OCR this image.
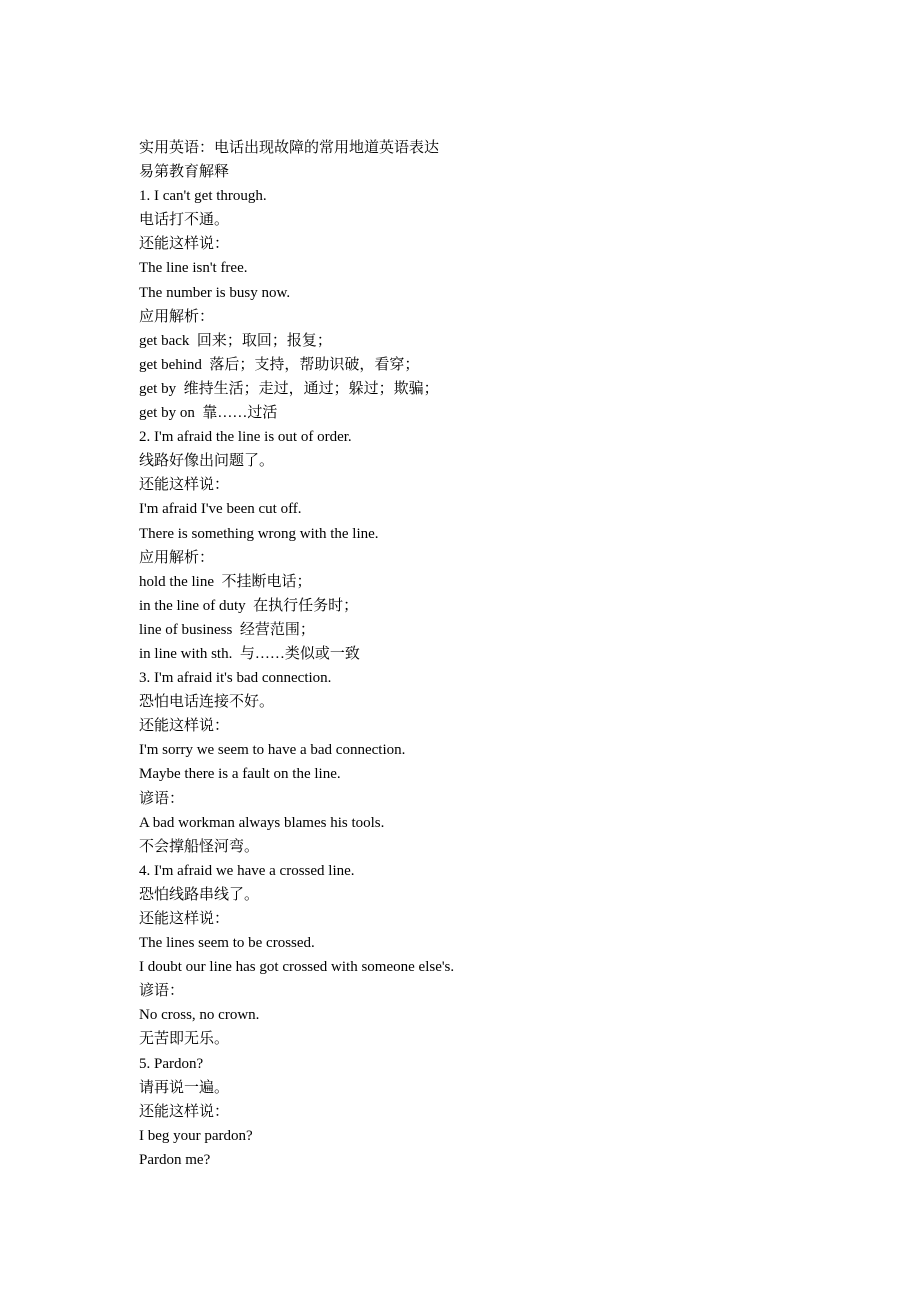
实用英语：电话出现故障的常用地道英语表达
易第教育解释
1. I can't get through.
电话打不通。
还能这样说：
The line isn't free.
The number is busy now.
应用解析：
get back  回来；取回；报复；
get behind  落后；支持，帮助识破，看穿；
get by  维持生活；走过，通过；躲过；欺骗；
get by on  靠……过活
2. I'm afraid the line is out of order.
线路好像出问题了。
还能这样说：
I'm afraid I've been cut off.
There is something wrong with the line.
应用解析：
hold the line  不挂断电话；
in the line of duty  在执行任务时；
line of business  经营范围；
in line with sth.  与……类似或一致
3. I'm afraid it's bad connection.
恐怕电话连接不好。
还能这样说：
I'm sorry we seem to have a bad connection.
Maybe there is a fault on the line.
谚语：
A bad workman always blames his tools.
不会撑船怪河弯。
4. I'm afraid we have a crossed line.
恐怕线路串线了。
还能这样说：
The lines seem to be crossed.
I doubt our line has got crossed with someone else's.
谚语：
No cross, no crown.
无苦即无乐。
5. Pardon?
请再说一遍。
还能这样说：
I beg your pardon?
Pardon me?
